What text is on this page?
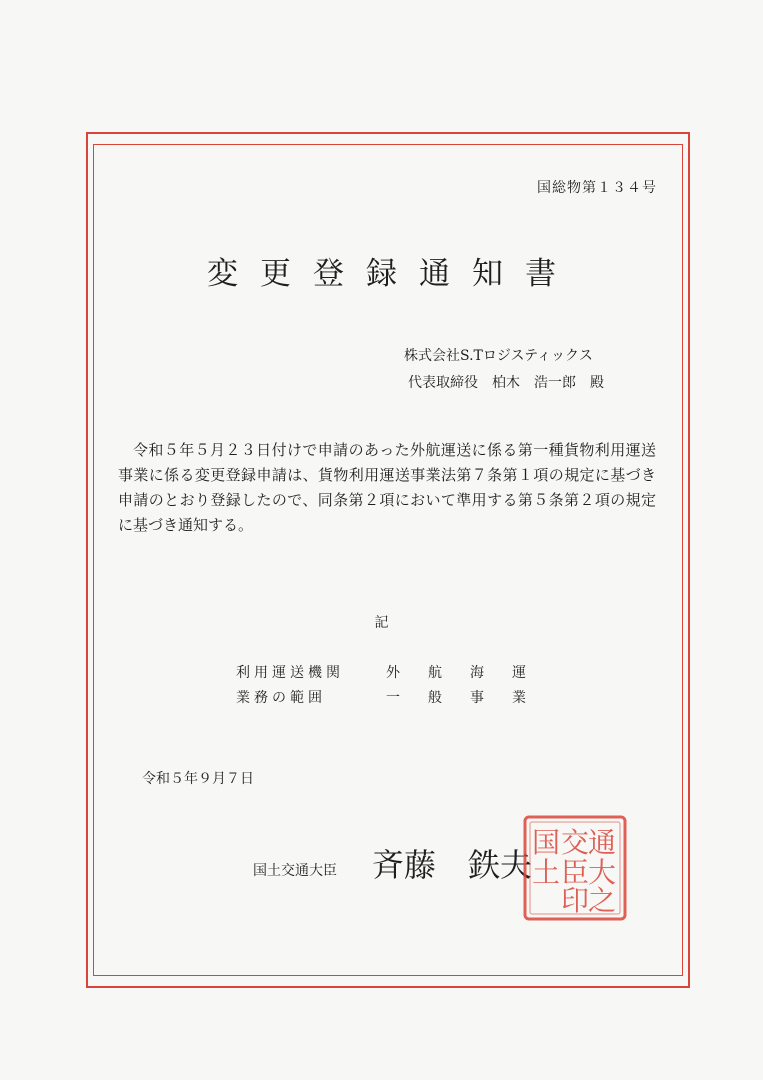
国総物第１３４号
変更登録通知書
株式会社S.Tロジスティックス
代表取締役　柏木　浩一郎　殿

令和５年５月２３日付けで申請のあった外航運送に係る第一種貨物利用運送事業に係る変更登録申請は、貨物利用運送事業法第７条第１項の規定に基づき申請のとおり登録したので、同条第２項において準用する第５条第２項の規定に基づき通知する。

記
利用運送機関	外航海運
業務の範囲	一般事業
令和５年９月７日
国土交通大臣 斉藤　鉄夫
通
大
之
交
臣
印
国
土
